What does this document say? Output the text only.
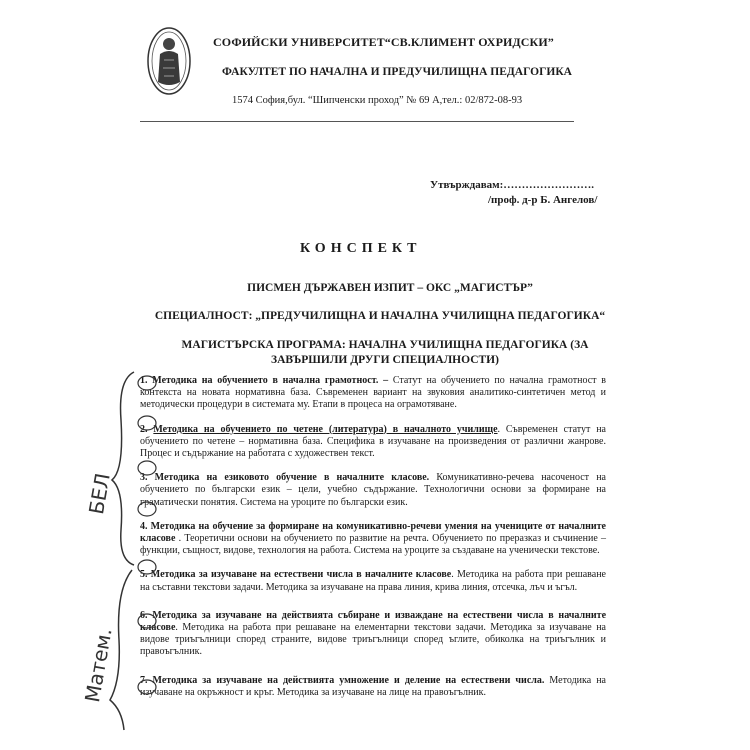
СОФИЙСКИ УНИВЕРСИТЕТ“СВ.КЛИМЕНТ ОХРИДСКИ”
ФАКУЛТЕТ ПО НАЧАЛНА И ПРЕДУЧИЛИЩНА ПЕДАГОГИКА
1574 София,бул. “Шипченски проход” № 69 А,тел.: 02/872-08-93
Утвърждавам:…………………….
/проф. д-р Б. Ангелов/
КОНСПЕКТ
ПИСМЕН ДЪРЖАВЕН ИЗПИТ – ОКС „МАГИСТЪР”
СПЕЦИАЛНОСТ: „ПРЕДУЧИЛИЩНА И НАЧАЛНА УЧИЛИЩНА ПЕДАГОГИКА“
МАГИСТЪРСКА ПРОГРАМА: НАЧАЛНА УЧИЛИЩНА ПЕДАГОГИКА (ЗА ЗАВЪРШИЛИ ДРУГИ СПЕЦИАЛНОСТИ)

1. Методика на обучението в начална грамотност. – Статут на обучението по начална грамотност в контекста на новата нормативна база. Съвременен вариант на звуковия аналитико-синтетичен метод и методически процедури в системата му. Етапи в процеса на ограмотяване.

2. Методика на обучението по четене (литература) в началното училище. Съвременен статут на обучението по четене – нормативна база. Специфика в изучаване на произведения от различни жанрове. Процес и съдържание на работата с художествен текст.

3. Методика на езиковото обучение в началните класове. Комуникативно-речева насоченост на обучението по български език – цели, учебно съдържание. Технологични основи за формиране на граматически понятия. Система на уроците по български език.

4. Методика на обучение за формиране на комуникативно-речеви умения на учениците от началните класове . Теоретични основи на обучението по развитие на речта. Обучението по преразказ и съчинение – функции, същност, видове, технология на работа. Система на уроците за създаване на ученически текстове.

5. Методика за изучаване на естествени числа в началните класове. Методика на работа при решаване на съставни текстови задачи. Методика за изучаване на права линия, крива линия, отсечка, лъч и ъгъл.

6. Методика за изучаване на действията събиране и изваждане на естествени числа в началните класове. Методика на работа при решаване на елементарни текстови задачи. Методика за изучаване на видове триъгълници според страните, видове триъгълници според ъглите, обиколка на триъгълник и правоъгълник.

7. Методика за изучаване на действията умножение и деление на естествени числа. Методика на изучаване на окръжност и кръг. Методика за изучаване на лице на правоъгълник.

БЕЛ
Матем.
